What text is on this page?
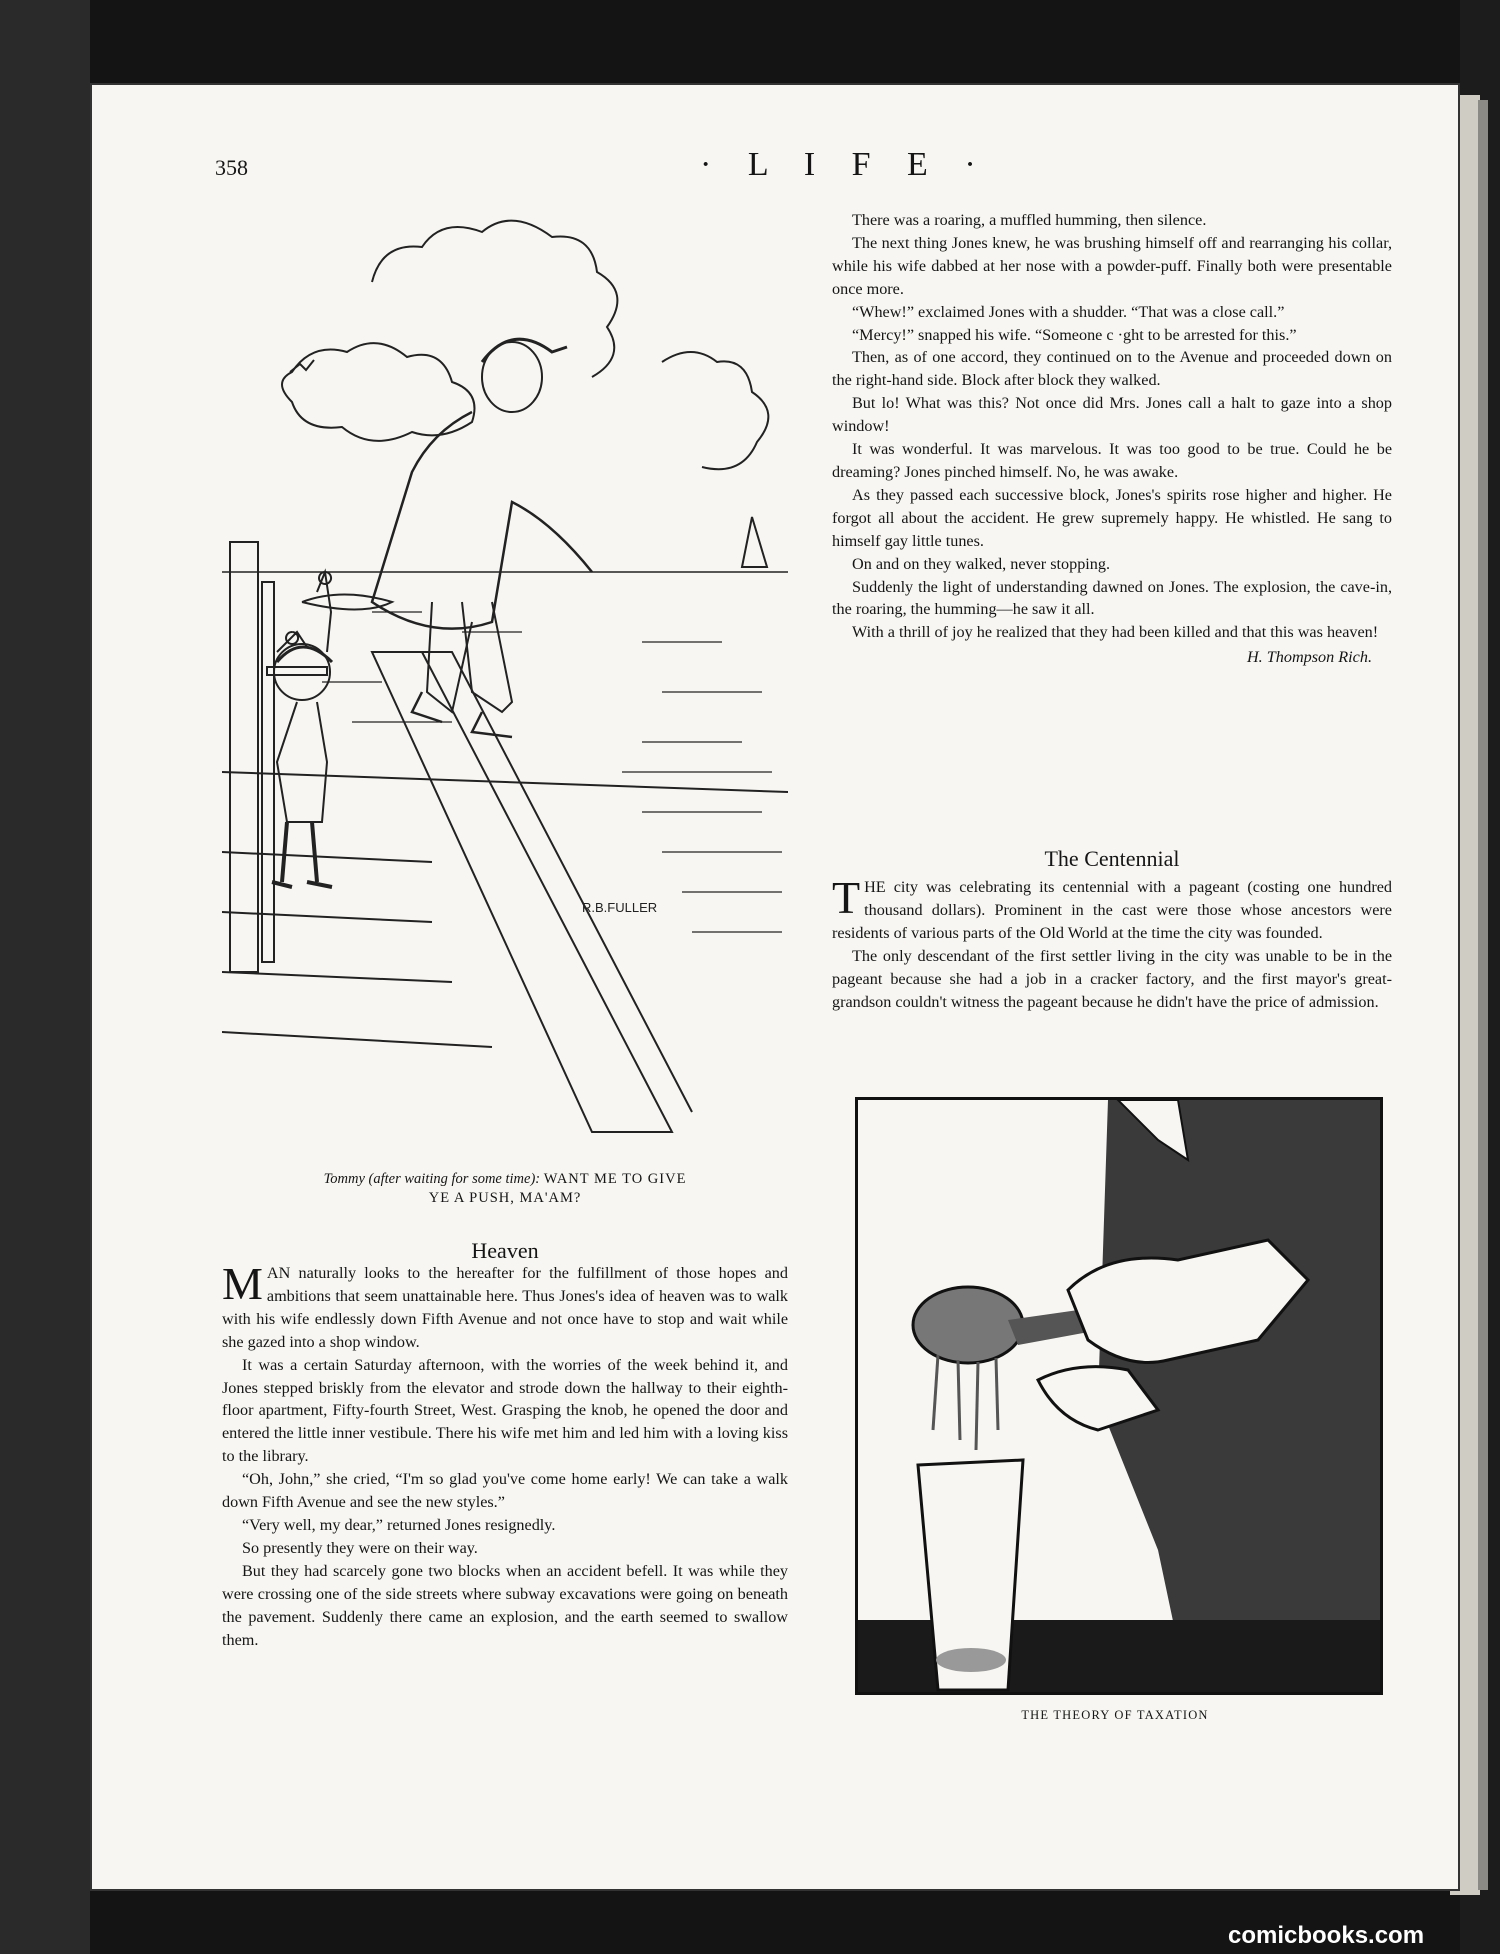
358	· L I F E ·
R.B.FULLER
Tommy (after waiting for some time): WANT ME TO GIVE
YE A PUSH, MA'AM?
Heaven

MAN naturally looks to the hereafter for the fulfillment of those hopes and ambitions that seem unattainable here. Thus Jones's idea of heaven was to walk with his wife endlessly down Fifth Avenue and not once have to stop and wait while she gazed into a shop window.

It was a certain Saturday afternoon, with the worries of the week behind it, and Jones stepped briskly from the elevator and strode down the hallway to their eighth-floor apartment, Fifty-fourth Street, West. Grasping the knob, he opened the door and entered the little inner vestibule. There his wife met him and led him with a loving kiss to the library.

“Oh, John,” she cried, “I'm so glad you've come home early! We can take a walk down Fifth Avenue and see the new styles.”

“Very well, my dear,” returned Jones resignedly.

So presently they were on their way.

But they had scarcely gone two blocks when an accident befell. It was while they were crossing one of the side streets where subway excavations were going on beneath the pavement. Suddenly there came an explosion, and the earth seemed to swallow them.

There was a roaring, a muffled humming, then silence.

The next thing Jones knew, he was brushing himself off and rearranging his collar, while his wife dabbed at her nose with a powder-puff. Finally both were presentable once more.

“Whew!” exclaimed Jones with a shudder. “That was a close call.”

“Mercy!” snapped his wife. “Someone c ·ght to be arrested for this.”

Then, as of one accord, they continued on to the Avenue and proceeded down on the right-hand side. Block after block they walked.

But lo! What was this? Not once did Mrs. Jones call a halt to gaze into a shop window!

It was wonderful. It was marvelous. It was too good to be true. Could he be dreaming? Jones pinched himself. No, he was awake.

As they passed each successive block, Jones's spirits rose higher and higher. He forgot all about the accident. He grew supremely happy. He whistled. He sang to himself gay little tunes.

On and on they walked, never stopping.

Suddenly the light of understanding dawned on Jones. The explosion, the cave-in, the roaring, the humming—he saw it all.

With a thrill of joy he realized that they had been killed and that this was heaven!

H. Thompson Rich.
The Centennial

THE city was celebrating its centennial with a pageant (costing one hundred thousand dollars). Prominent in the cast were those whose ancestors were residents of various parts of the Old World at the time the city was founded.

The only descendant of the first settler living in the city was unable to be in the pageant because she had a job in a cracker factory, and the first mayor's great-grandson couldn't witness the pageant because he didn't have the price of admission.

THE THEORY OF TAXATION
comicbooks.com
